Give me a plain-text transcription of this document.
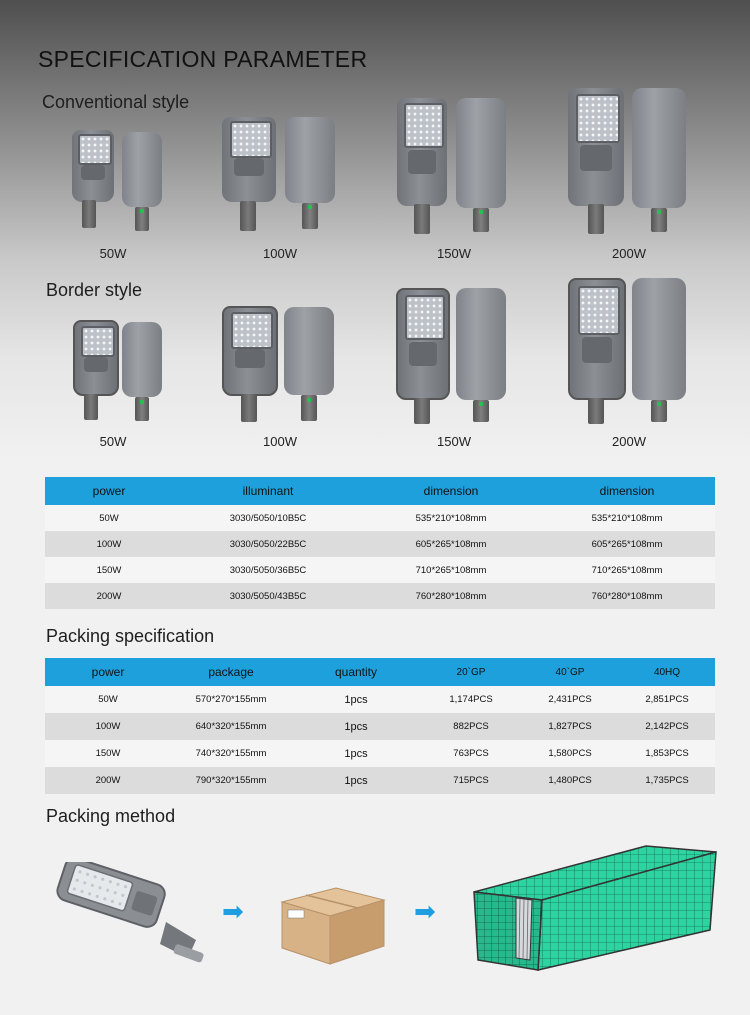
SPECIFICATION PARAMETER
Conventional style
50W	100W	150W	200W
Border style
50W	100W	150W	200W
power	illuminant	dimension	dimension
50W	3030/5050/10B5C	535*210*108mm	535*210*108mm
100W	3030/5050/22B5C	605*265*108mm	605*265*108mm
150W	3030/5050/36B5C	710*265*108mm	710*265*108mm
200W	3030/5050/43B5C	760*280*108mm	760*280*108mm
Packing specification
power	package	quantity	20`GP	40`GP	40HQ
50W	570*270*155mm	1pcs	1,174PCS	2,431PCS	2,851PCS
100W	640*320*155mm	1pcs	882PCS	1,827PCS	2,142PCS
150W	740*320*155mm	1pcs	763PCS	1,580PCS	1,853PCS
200W	790*320*155mm	1pcs	715PCS	1,480PCS	1,735PCS
Packing method
➡	➡
